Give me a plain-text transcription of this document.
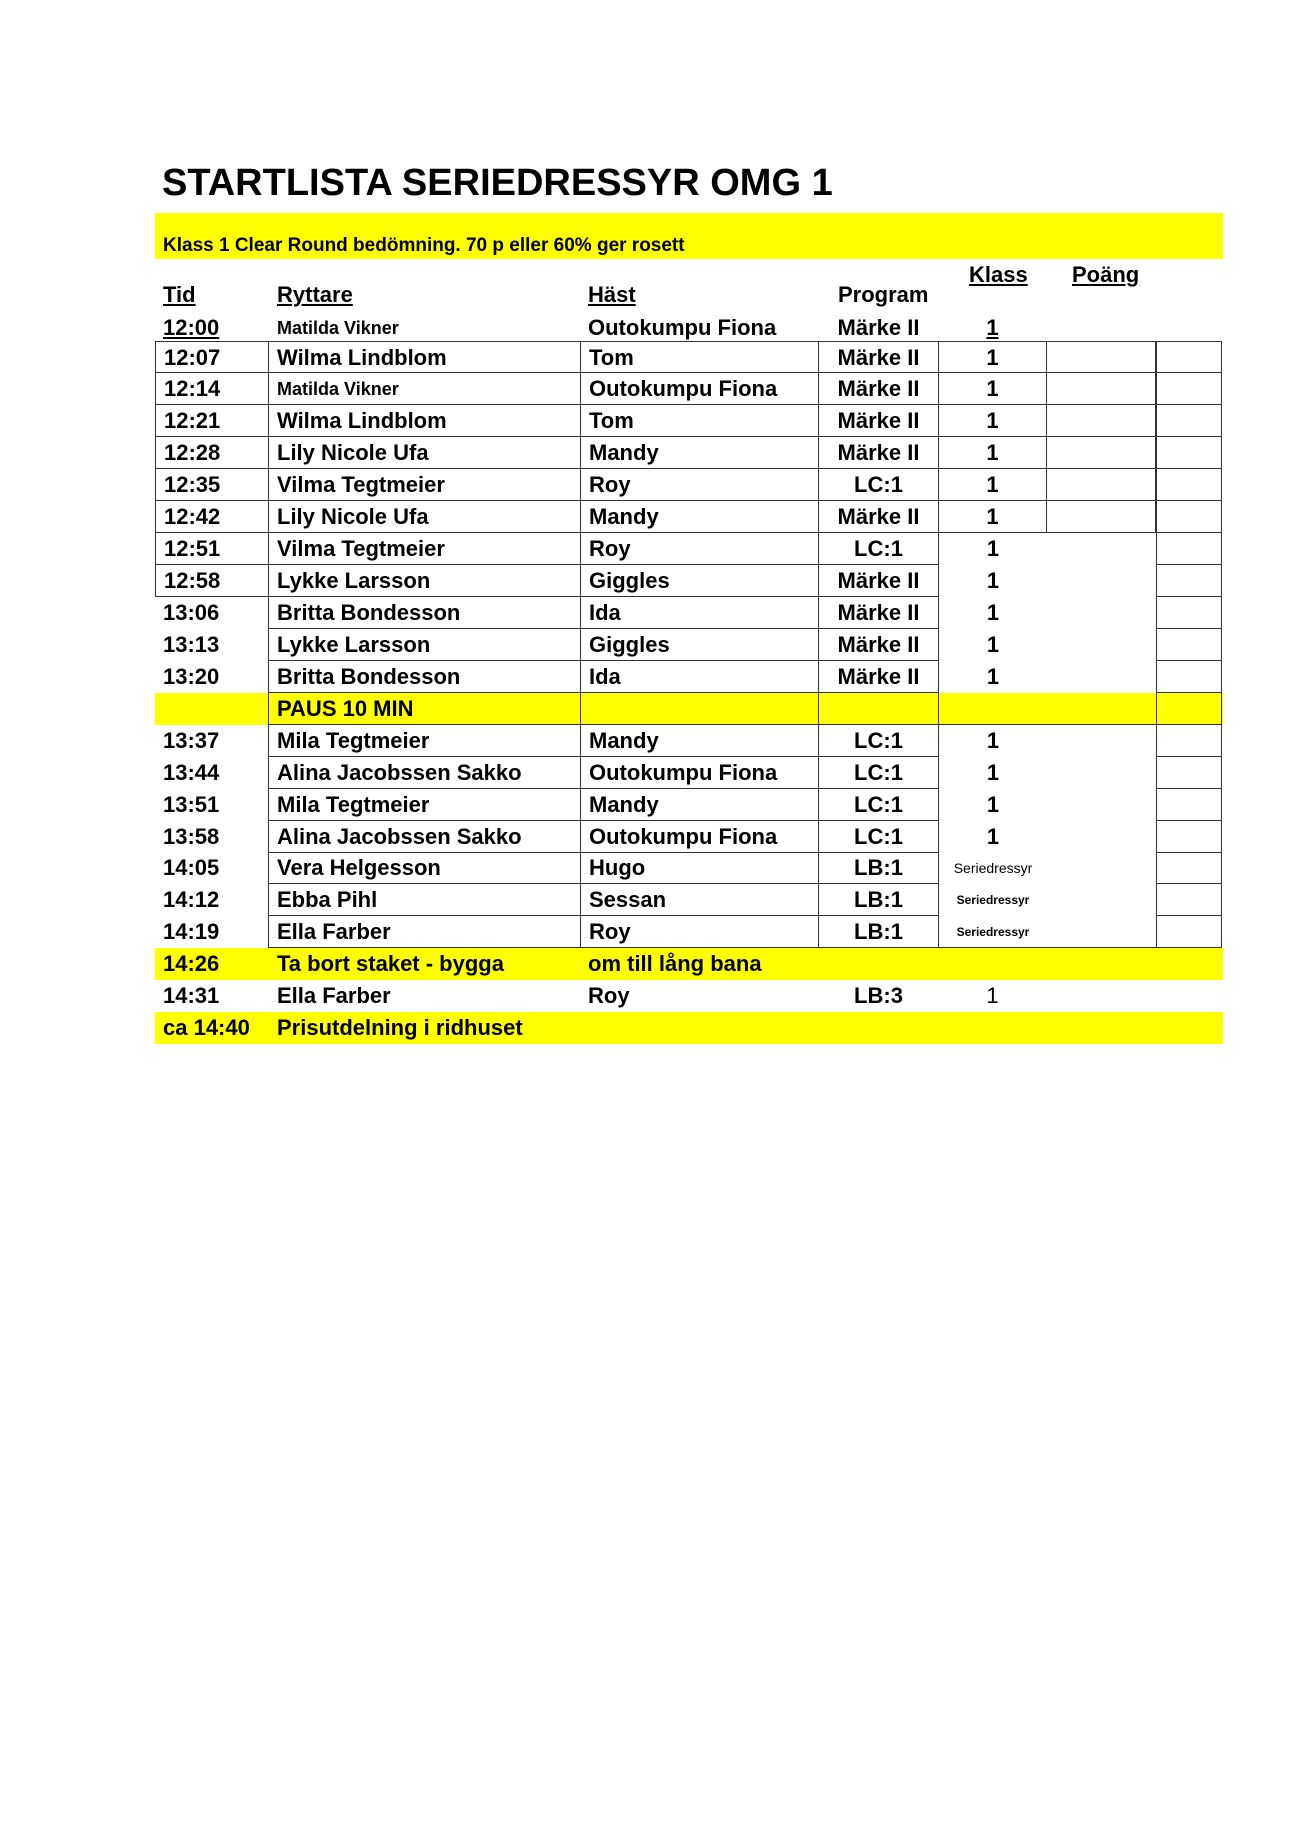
STARTLISTA SERIEDRESSYR OMG 1
Klass 1 Clear Round bedömning. 70 p eller 60% ger rosett
Tid	Ryttare	Häst	Program
Klass Poäng
12:00	Matilda Vikner	Outokumpu Fiona	Märke II	1
12:07	Wilma Lindblom	Tom	Märke II	1
12:14	Matilda Vikner	Outokumpu Fiona	Märke II	1
12:21	Wilma Lindblom	Tom	Märke II	1
12:28	Lily Nicole Ufa	Mandy	Märke II	1
12:35	Vilma Tegtmeier	Roy	LC:1	1
12:42	Lily Nicole Ufa	Mandy	Märke II	1
12:51	Vilma Tegtmeier	Roy	LC:1	1
12:58	Lykke Larsson	Giggles	Märke II	1
13:06	Britta Bondesson	Ida	Märke II	1
13:13	Lykke Larsson	Giggles	Märke II	1
13:20	Britta Bondesson	Ida	Märke II	1
PAUS 10 MIN
13:37	Mila Tegtmeier	Mandy	LC:1	1
13:44	Alina Jacobssen Sakko	Outokumpu Fiona	LC:1	1
13:51	Mila Tegtmeier	Mandy	LC:1	1
13:58	Alina Jacobssen Sakko	Outokumpu Fiona	LC:1	1
14:05	Vera Helgesson	Hugo	LB:1	Seriedressyr
14:12	Ebba Pihl	Sessan	LB:1	Seriedressyr
14:19	Ella Farber	Roy	LB:1	Seriedressyr
14:26	Ta bort staket - bygga	om till lång bana
14:31	Ella Farber	Roy	LB:3	1
ca 14:40	Prisutdelning i ridhuset
